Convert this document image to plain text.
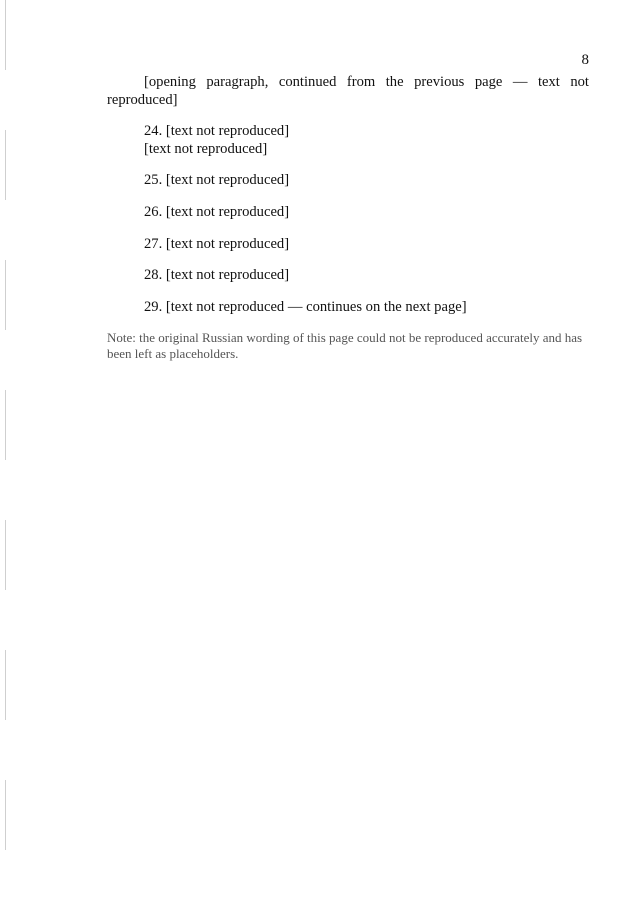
8

[opening paragraph, continued from the previous page — text not reproduced]

24. [text not reproduced]

[text not reproduced]

25. [text not reproduced]

26. [text not reproduced]

27. [text not reproduced]

28. [text not reproduced]

29. [text not reproduced — continues on the next page]

Note: the original Russian wording of this page could not be reproduced accurately and has been left as placeholders.
